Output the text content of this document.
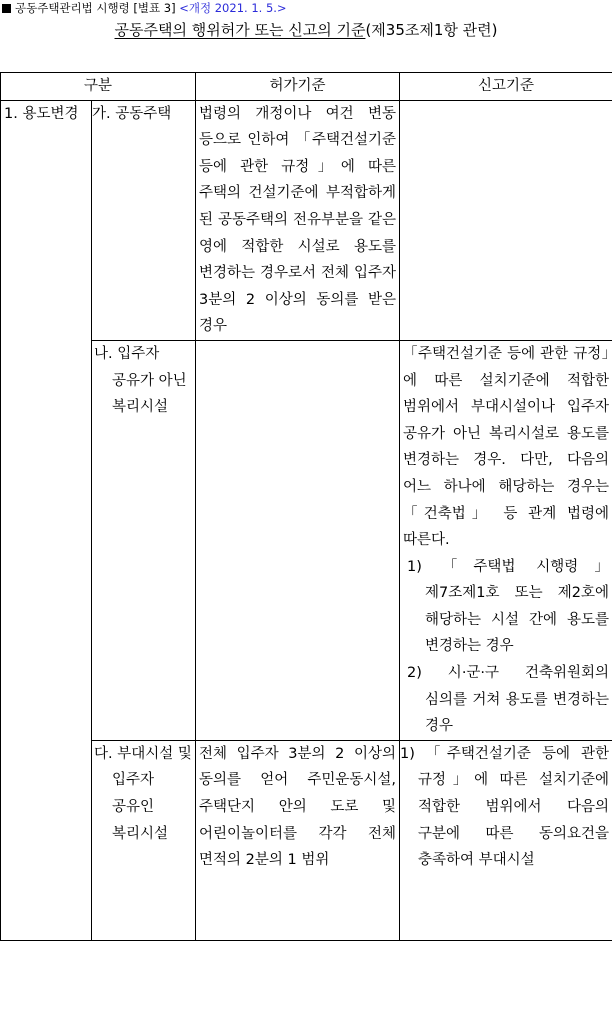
공동주택관리법 시행령 [별표 3] <개정 2021. 1. 5.>
공동주택의 행위허가 또는 신고의 기준(제35조제1항 관련)
구분		허가기준	신고기준
1. 용도변경	가. 공동주택	법령의 개정이나 여건 변동 등으로 인하여 「주택건설기준 등에 관한 규정」에 따른 주택의 건설기준에 부적합하게 된 공동주택의 전유부분을 같은 영에 적합한 시설로 용도를 변경하는 경우로서 전체 입주자 3분의 2 이상의 동의를 받은 경우	
	나. 입주자 공유가 아닌 복리시설		「주택건설기준 등에 관한 규정」에 따른 설치기준에 적합한 범위에서 부대시설이나 입주자 공유가 아닌 복리시설로 용도를 변경하는 경우. 다만, 다음의 어느 하나에 해당하는 경우는 「건축법」 등 관계 법령에 따른다.
1) 「주택법 시행령」 제7조제1호 또는 제2호에 해당하는 시설 간에 용도를 변경하는 경우
2) 시·군·구 건축위원회의 심의를 거쳐 용도를 변경하는 경우

	다. 부대시설 및 입주자 공유인 복리시설	전체 입주자 3분의 2 이상의 동의를 얻어 주민운동시설, 주택단지 안의 도로 및 어린이놀이터를 각각 전체 면적의 2분의 1 범위	1) 「주택건설기준 등에 관한 규정」에 따른 설치기준에 적합한 범위에서 다음의 구분에 따른 동의요건을 충족하여 부대시설
